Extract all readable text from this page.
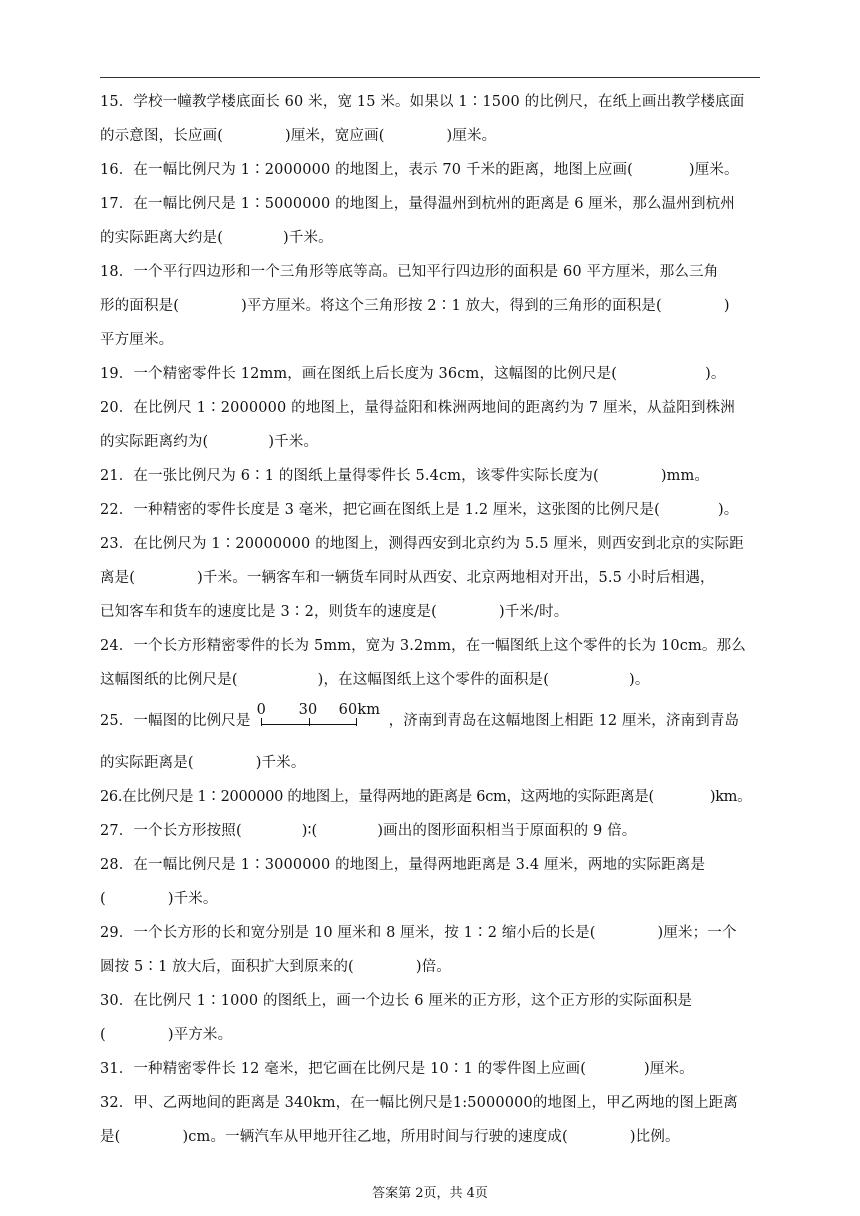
15．学校一幢教学楼底面长 60 米，宽 15 米。如果以 1∶1500 的比例尺，在纸上画出教学楼底面
的示意图，长应画(	)厘米，宽应画(	)厘米。
16．在一幅比例尺为 1∶2000000 的地图上，表示 70 千米的距离，地图上应画(	)厘米。
17．在一幅比例尺是 1∶5000000 的地图上，量得温州到杭州的距离是 6 厘米，那么温州到杭州
的实际距离大约是(	)千米。
18．一个平行四边形和一个三角形等底等高。已知平行四边形的面积是 60 平方厘米，那么三角
形的面积是(	)平方厘米。将这个三角形按 2∶1 放大，得到的三角形的面积是(	)
平方厘米。
19．一个精密零件长 12mm，画在图纸上后长度为 36cm，这幅图的比例尺是(	)。
20．在比例尺 1∶2000000 的地图上，量得益阳和株洲两地间的距离约为 7 厘米，从益阳到株洲
的实际距离约为(	)千米。
21．在一张比例尺为 6∶1 的图纸上量得零件长 5.4cm，该零件实际长度为(	)mm。
22．一种精密的零件长度是 3 毫米，把它画在图纸上是 1.2 厘米，这张图的比例尺是(	)。
23．在比例尺为 1∶20000000 的地图上，测得西安到北京约为 5.5 厘米，则西安到北京的实际距
离是(	)千米。一辆客车和一辆货车同时从西安、北京两地相对开出，5.5 小时后相遇，
已知客车和货车的速度比是 3∶2，则货车的速度是(	)千米/时。
24．一个长方形精密零件的长为 5mm，宽为 3.2mm，在一幅图纸上这个零件的长为 10cm。那么
这幅图纸的比例尺是(	)，在这幅图纸上这个零件的面积是(	)。
25．一幅图的比例尺是
0 30 60km
，济南到青岛在这幅地图上相距 12 厘米，济南到青岛
的实际距离是(	)千米。
26.在比例尺是 1∶2000000 的地图上，量得两地的距离是 6cm，这两地的实际距离是(	)km。
27．一个长方形按照(	)∶(	)画出的图形面积相当于原面积的 9 倍。
28．在一幅比例尺是 1∶3000000 的地图上，量得两地距离是 3.4 厘米，两地的实际距离是
(	)千米。
29．一个长方形的长和宽分别是 10 厘米和 8 厘米，按 1∶2 缩小后的长是(	)厘米；一个
圆按 5∶1 放大后，面积扩大到原来的(	)倍。
30．在比例尺 1∶1000 的图纸上，画一个边长 6 厘米的正方形，这个正方形的实际面积是
(	)平方米。
31．一种精密零件长 12 毫米，把它画在比例尺是 10∶1 的零件图上应画(	)厘米。
32．甲、乙两地间的距离是 340km，在一幅比例尺是1:5000000的地图上，甲乙两地的图上距离
是(	)cm。一辆汽车从甲地开往乙地，所用时间与行驶的速度成(	)比例。
答案第 2页，共 4页
